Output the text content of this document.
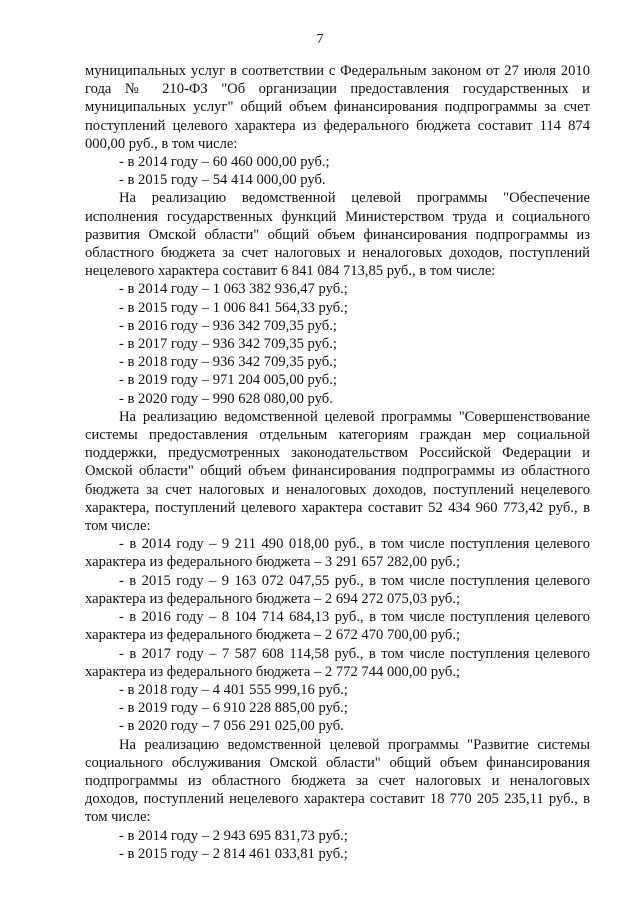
7

муниципальных услуг в соответствии с Федеральным законом от 27 июля 2010 года № 210-ФЗ "Об организации предоставления государственных и муниципальных услуг" общий объем финансирования подпрограммы за счет поступлений целевого характера из федерального бюджета составит 114 874 000,00 руб., в том числе:

- в 2014 году – 60 460 000,00 руб.;

- в 2015 году – 54 414 000,00 руб.

На реализацию ведомственной целевой программы "Обеспечение исполнения государственных функций Министерством труда и социального развития Омской области" общий объем финансирования подпрограммы из областного бюджета за счет налоговых и неналоговых доходов, поступлений нецелевого характера составит 6 841 084 713,85 руб., в том числе:

- в 2014 году – 1 063 382 936,47 руб.;

- в 2015 году – 1 006 841 564,33 руб.;

- в 2016 году – 936 342 709,35 руб.;

- в 2017 году – 936 342 709,35 руб.;

- в 2018 году – 936 342 709,35 руб.;

- в 2019 году – 971 204 005,00 руб.;

- в 2020 году – 990 628 080,00 руб.

На реализацию ведомственной целевой программы "Совершенствование системы предоставления отдельным категориям граждан мер социальной поддержки, предусмотренных законодательством Российской Федерации и Омской области" общий объем финансирования подпрограммы из областного бюджета за счет налоговых и неналоговых доходов, поступлений нецелевого характера, поступлений целевого характера составит 52 434 960 773,42 руб., в том числе:

- в 2014 году – 9 211 490 018,00 руб., в том числе поступления целевого характера из федерального бюджета – 3 291 657 282,00 руб.;

- в 2015 году – 9 163 072 047,55 руб., в том числе поступления целевого характера из федерального бюджета – 2 694 272 075,03 руб.;

- в 2016 году – 8 104 714 684,13 руб., в том числе поступления целевого характера из федерального бюджета – 2 672 470 700,00 руб.;

- в 2017 году – 7 587 608 114,58 руб., в том числе поступления целевого характера из федерального бюджета – 2 772 744 000,00 руб.;

- в 2018 году – 4 401 555 999,16 руб.;

- в 2019 году – 6 910 228 885,00 руб.;

- в 2020 году – 7 056 291 025,00 руб.

На реализацию ведомственной целевой программы "Развитие системы социального обслуживания Омской области" общий объем финансирования подпрограммы из областного бюджета за счет налоговых и неналоговых доходов, поступлений нецелевого характера составит 18 770 205 235,11 руб., в том числе:

- в 2014 году – 2 943 695 831,73 руб.;

- в 2015 году – 2 814 461 033,81 руб.;
